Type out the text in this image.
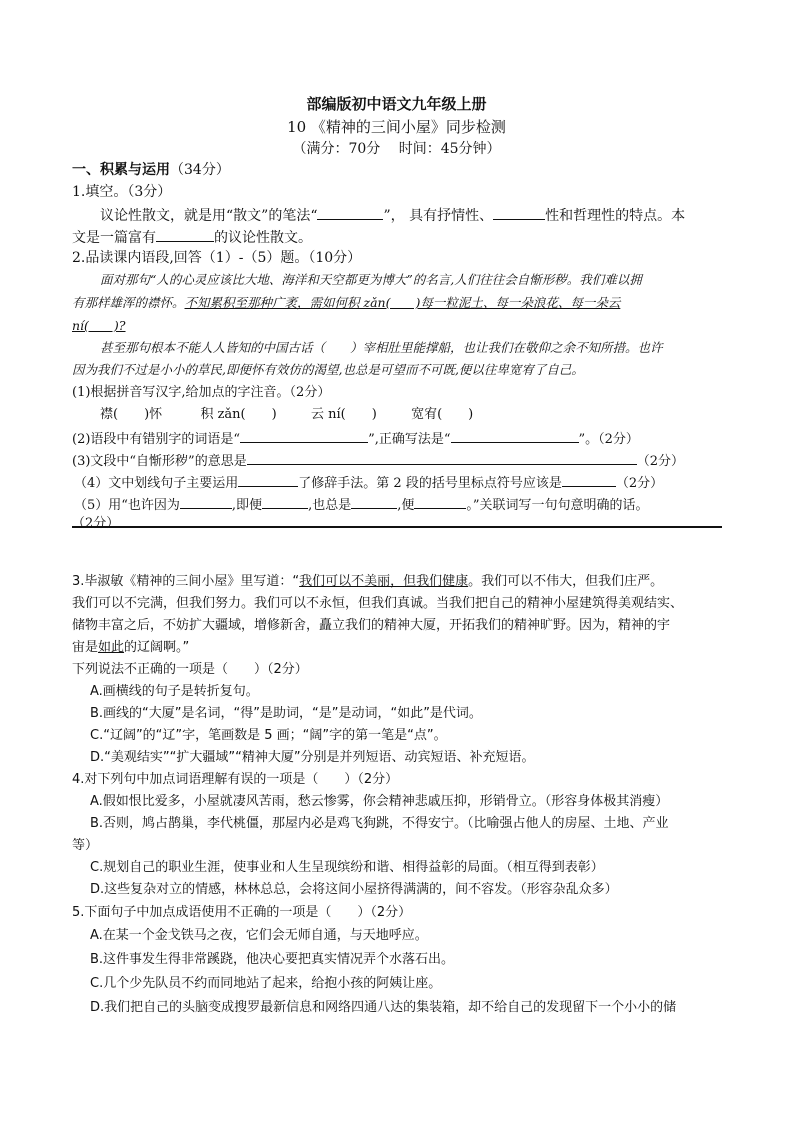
部编版初中语文九年级上册
10 《精神的三间小屋》同步检测
（满分：70分　 时间：45分钟）
一、积累与运用（34分）
1.填空。（3分）
议论性散文，就是用“散文”的笔法“	”， 具有抒情性、	性和哲理性的特点。本
文是一篇富有	的议论性散文。
2.品读课内语段,回答（1）-（5）题。（10分）
面对那句“人的心灵应该比大地、海洋和天空都更为博大”的名言,人们往往会自惭形秽。我们难以拥
有那样雄浑的襟怀。不知累积至那种广袤，需如何积 zǎn(　　)每一粒泥土、每一朵浪花、每一朵云
ní(　　)?
甚至那句根本不能人人皆知的中国古话（　　）宰相肚里能撑船，也让我们在敬仰之余不知所措。也许
因为我们不过是小小的草民,即便怀有效仿的渴望,也总是可望而不可既,便以往卑宽宥了自己。
(1)根据拼音写汉字,给加点的字注音。（2分）
襟(　　)怀	积 zǎn(　　)	云 ní(　　)	宽宥(　　)
(2)语段中有错别字的词语是“	”,正确写法是“	”。（2分）
(3)文段中“自惭形秽”的意思是	（2分）
（4）文中划线句子主要运用	了修辞手法。第 2 段的括号里标点符号应该是	（2分）
（5）用“也许因为	,即便	,也总是	,便	。”关联词写一句句意明确的话。
（2分）
3.毕淑敏《精神的三间小屋》里写道：“我们可以不美丽，但我们健康。我们可以不伟大，但我们庄严。
我们可以不完满，但我们努力。我们可以不永恒，但我们真诚。当我们把自己的精神小屋建筑得美观结实、
储物丰富之后，不妨扩大疆域，增修新舍，矗立我们的精神大厦，开拓我们的精神旷野。因为，精神的宇
宙是如此的辽阔啊。”
下列说法不正确的一项是（　　）（2分）
A.画横线的句子是转折复句。
B.画线的“大厦”是名词，“得”是助词，“是”是动词，“如此”是代词。
C.“辽阔”的“辽”字，笔画数是 5 画；“阔”字的第一笔是“点”。
D.“美观结实”“扩大疆域”“精神大厦”分别是并列短语、动宾短语、补充短语。
4.对下列句中加点词语理解有误的一项是（　　）（2分）
A.假如恨比爱多，小屋就凄风苦雨，愁云惨雾，你会精神悲戚压抑，形销骨立。（形容身体极其消瘦）
B.否则，鸠占鹊巢，李代桃僵，那屋内必是鸡飞狗跳，不得安宁。（比喻强占他人的房屋、土地、产业
等）
C.规划自己的职业生涯，使事业和人生呈现缤纷和谐、相得益彰的局面。（相互得到表彰）
D.这些复杂对立的情感，林林总总，会将这间小屋挤得满满的，间不容发。（形容杂乱众多）
5.下面句子中加点成语使用不正确的一项是（　　）（2分）
A.在某一个金戈铁马之夜，它们会无师自通，与天地呼应。
B.这件事发生得非常蹊跷，他决心要把真实情况弄个水落石出。
C.几个少先队员不约而同地站了起来，给抱小孩的阿姨让座。
D.我们把自己的头脑变成搜罗最新信息和网络四通八达的集装箱，却不给自己的发现留下一个小小的储
